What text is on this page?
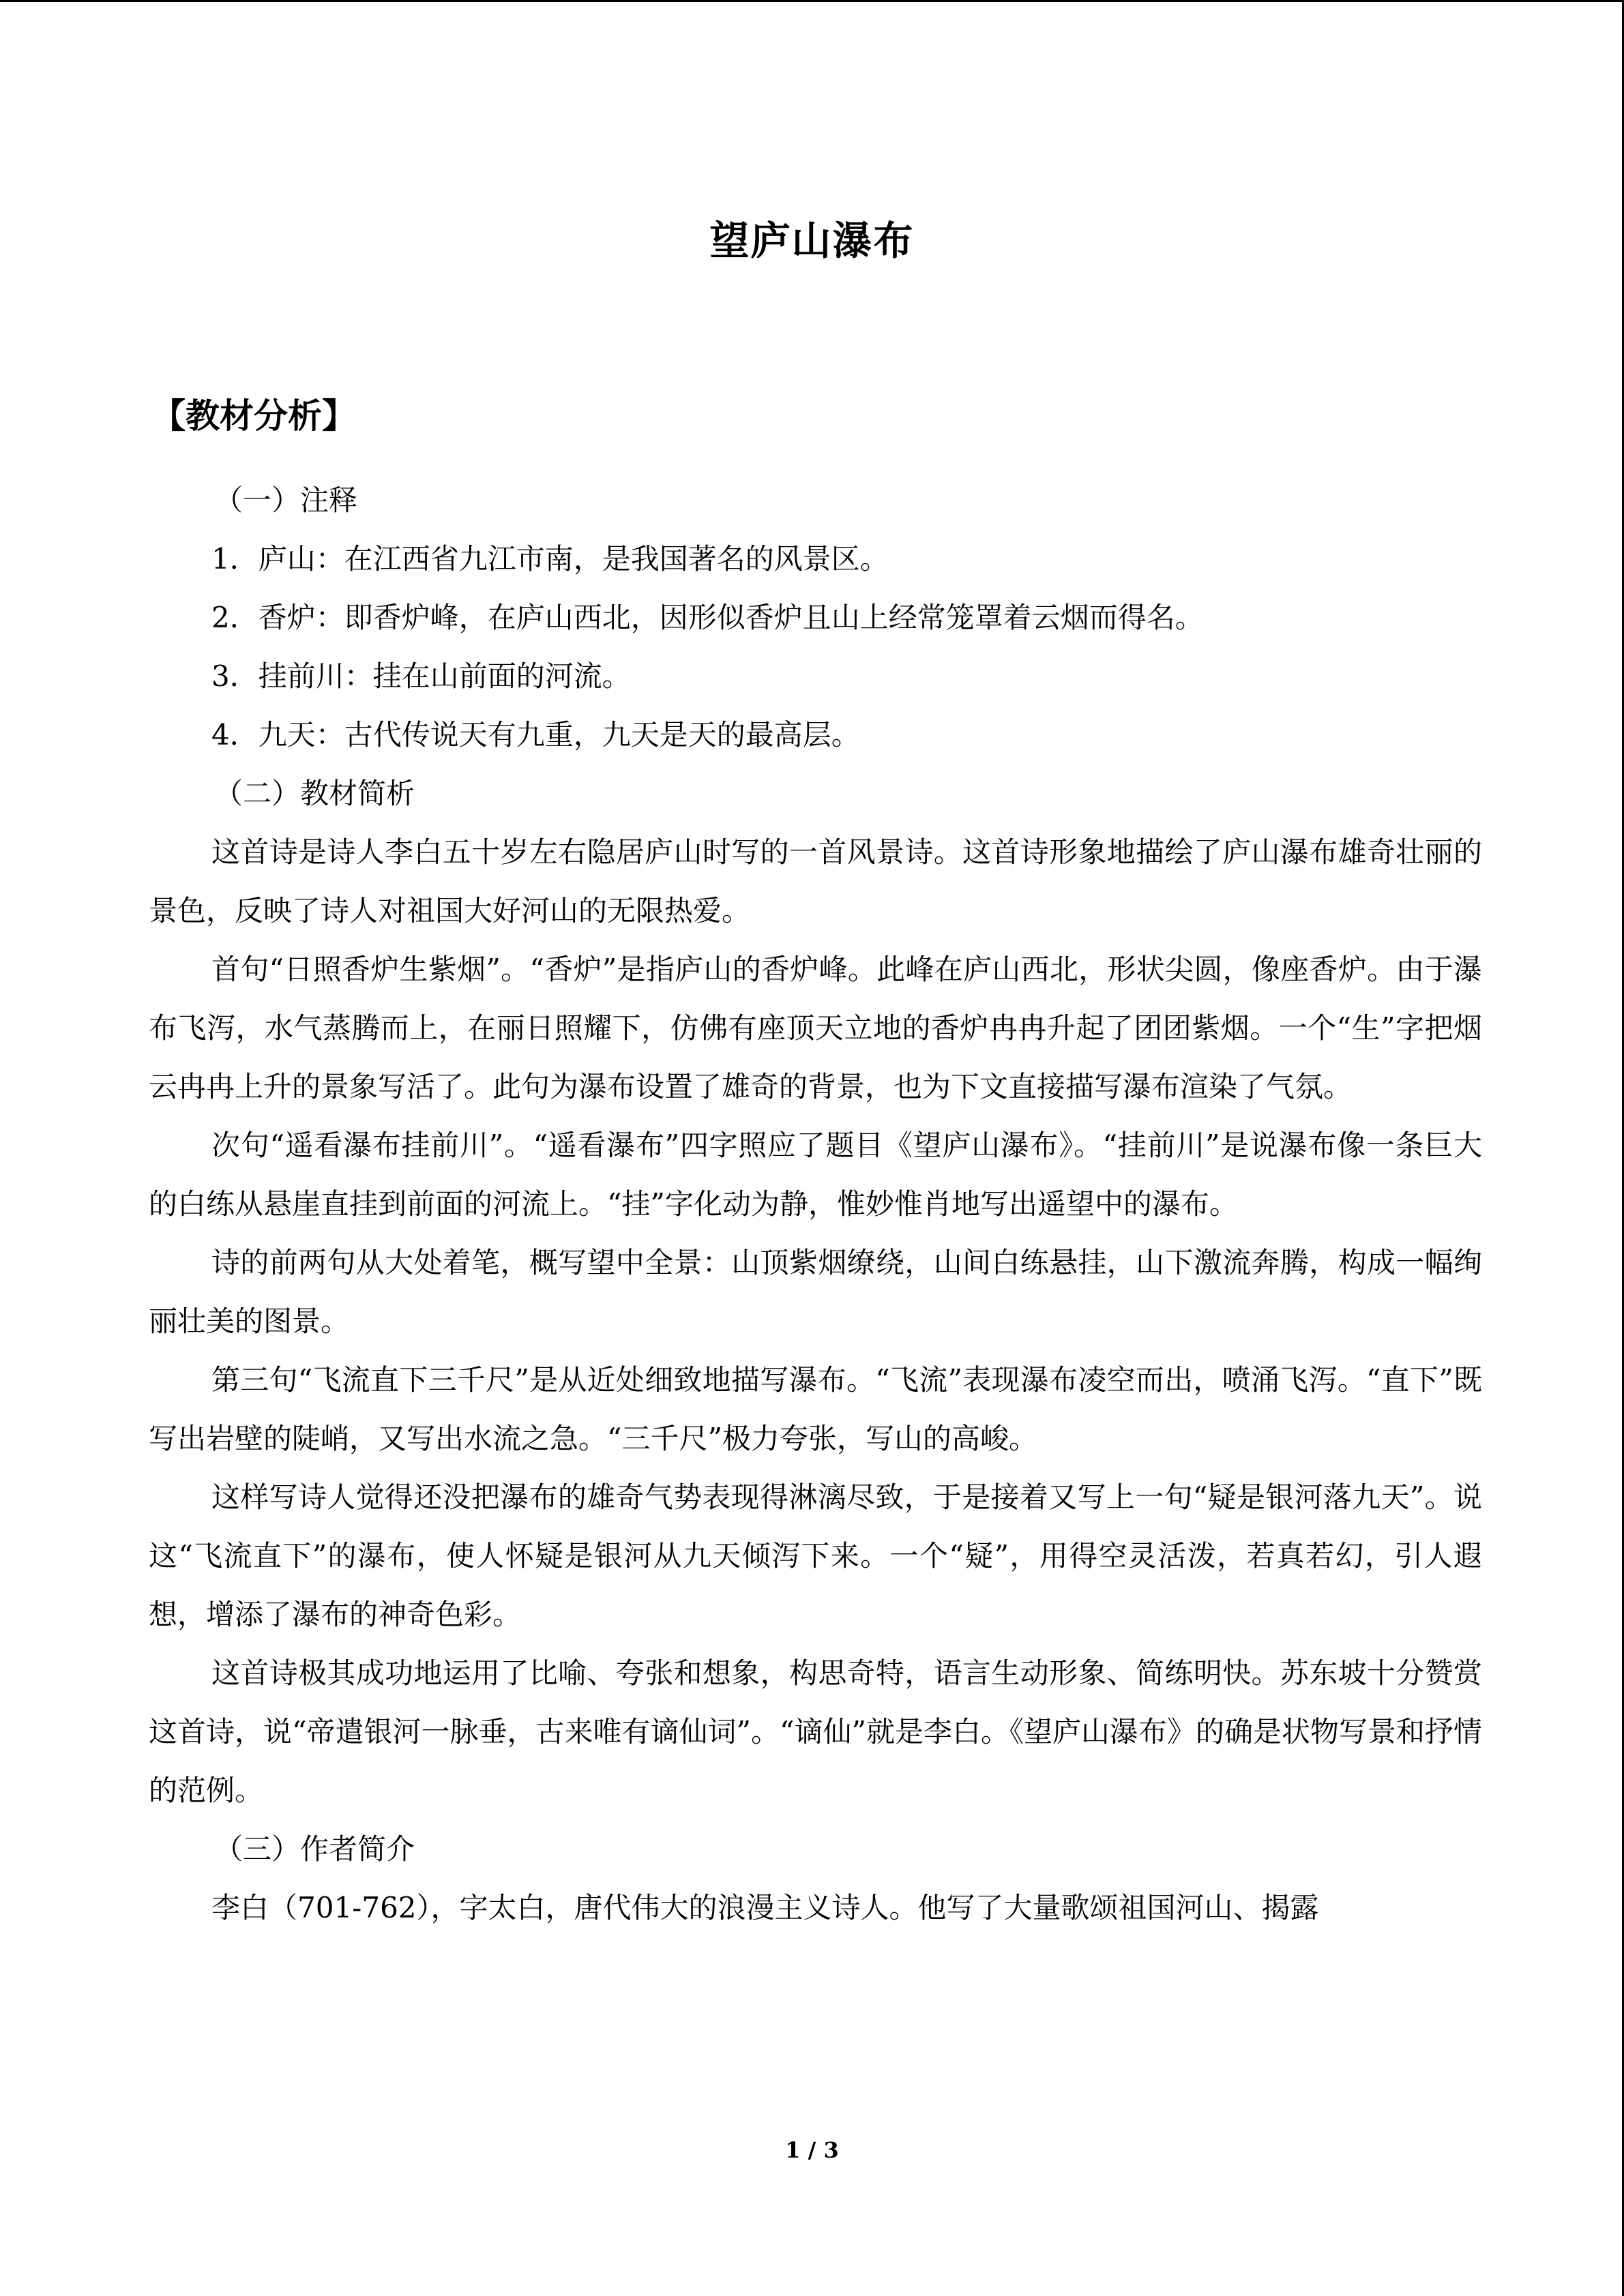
望庐山瀑布
【教材分析】

（一）注释

1．庐山：在江西省九江市南，是我国著名的风景区。

2．香炉：即香炉峰，在庐山西北，因形似香炉且山上经常笼罩着云烟而得名。

3．挂前川：挂在山前面的河流。

4．九天：古代传说天有九重，九天是天的最高层。

（二）教材简析

这首诗是诗人李白五十岁左右隐居庐山时写的一首风景诗。这首诗形象地描绘了庐山瀑布雄奇壮丽的景色，反映了诗人对祖国大好河山的无限热爱。

首句“日照香炉生紫烟”。“香炉”是指庐山的香炉峰。此峰在庐山西北，形状尖圆，像座香炉。由于瀑布飞泻，水气蒸腾而上，在丽日照耀下，仿佛有座顶天立地的香炉冉冉升起了团团紫烟。一个“生”字把烟云冉冉上升的景象写活了。此句为瀑布设置了雄奇的背景，也为下文直接描写瀑布渲染了气氛。

次句“遥看瀑布挂前川”。“遥看瀑布”四字照应了题目《望庐山瀑布》。“挂前川”是说瀑布像一条巨大的白练从悬崖直挂到前面的河流上。“挂”字化动为静，惟妙惟肖地写出遥望中的瀑布。

诗的前两句从大处着笔，概写望中全景：山顶紫烟缭绕，山间白练悬挂，山下激流奔腾，构成一幅绚丽壮美的图景。

第三句“飞流直下三千尺”是从近处细致地描写瀑布。“飞流”表现瀑布凌空而出，喷涌飞泻。“直下”既写出岩壁的陡峭，又写出水流之急。“三千尺”极力夸张，写山的高峻。

这样写诗人觉得还没把瀑布的雄奇气势表现得淋漓尽致，于是接着又写上一句“疑是银河落九天”。说这“飞流直下”的瀑布，使人怀疑是银河从九天倾泻下来。一个“疑”，用得空灵活泼，若真若幻，引人遐想，增添了瀑布的神奇色彩。

这首诗极其成功地运用了比喻、夸张和想象，构思奇特，语言生动形象、简练明快。苏东坡十分赞赏这首诗，说“帝遣银河一脉垂，古来唯有谪仙词”。“谪仙”就是李白。《望庐山瀑布》的确是状物写景和抒情的范例。

（三）作者简介

李白（701-762），字太白，唐代伟大的浪漫主义诗人。他写了大量歌颂祖国河山、揭露

1 / 3
